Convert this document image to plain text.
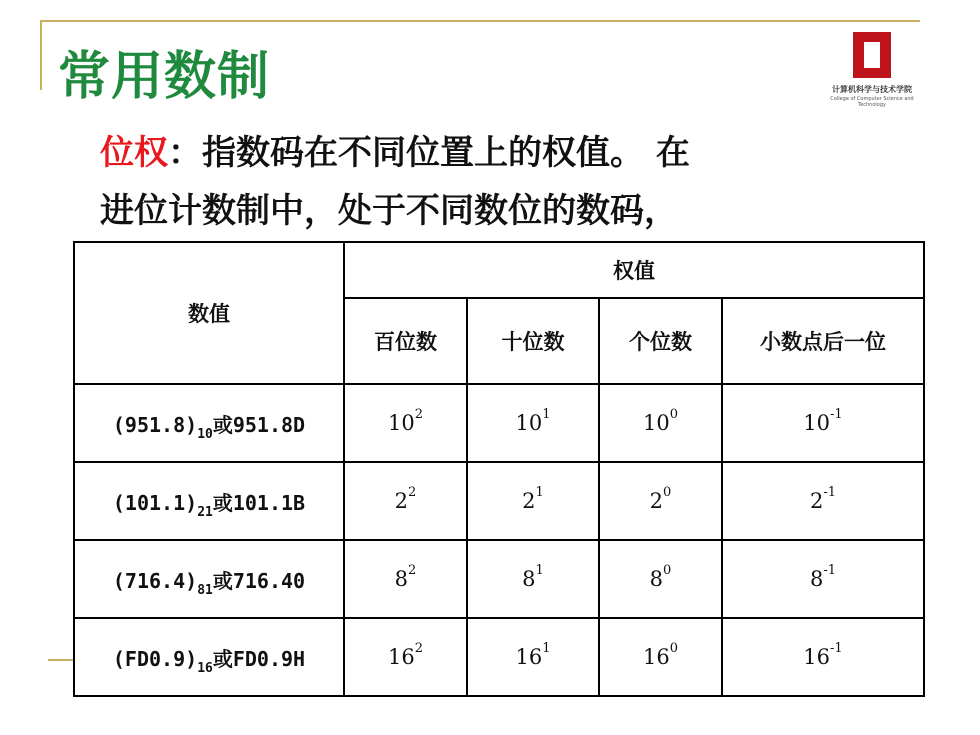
常用数制	计算机科学与技术学院
College of Computer Science and Technology

位权：指数码在不同位置上的权值。 在
进位计数制中，处于不同数位的数码，

数值	权值			
	百位数	十位数	个位数	小数点后一位
$(951.8)_{10}$或951.8D	$10^2$	$10^1$	$10^0$	$10^{-1}$
$(101.1)_{21}$或101.1B	$2^2$	$2^1$	$2^0$	$2^{-1}$
$(716.4)_{81}$或716.40	$8^2$	$8^1$	$8^0$	$8^{-1}$
$(FD0.9)_{16}$或FD0.9H	$16^2$	$16^1$	$16^0$	$16^{-1}$
